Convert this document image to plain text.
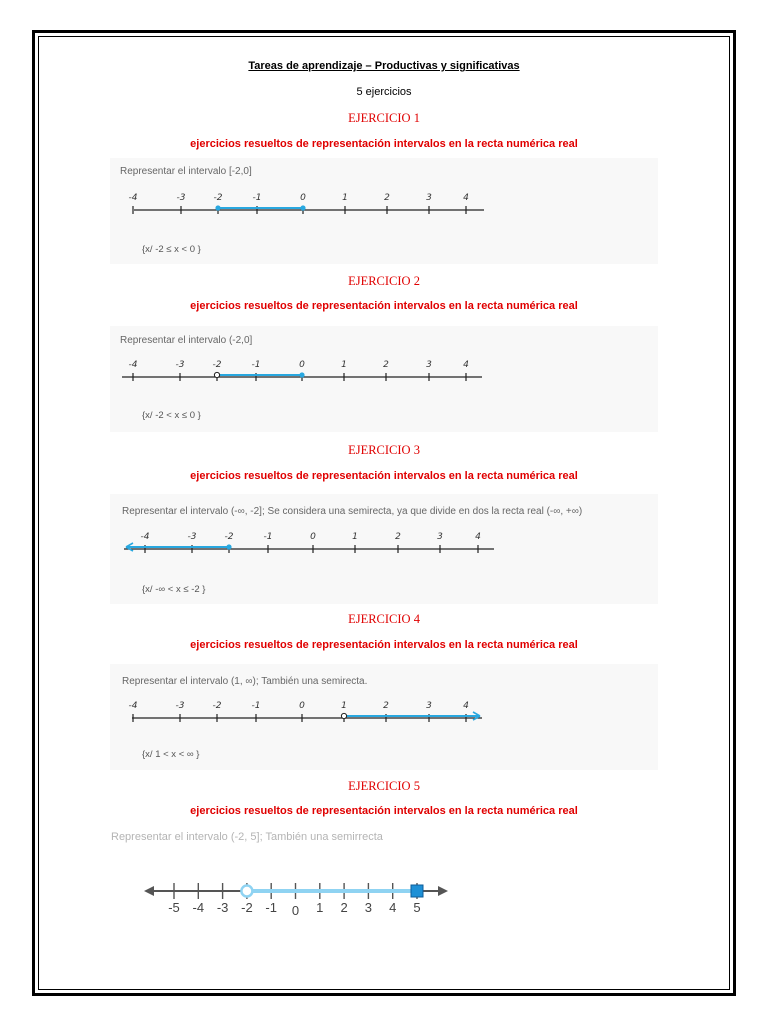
Tareas de aprendizaje – Productivas y significativas
5 ejercicios
EJERCICIO 1
ejercicios resueltos de representación intervalos en la recta numérica real
Representar el intervalo [-2,0]
-4	-3	-2	-1	0	1	2	3	4
{x/ -2 ≤ x < 0 }
EJERCICIO 2
ejercicios resueltos de representación intervalos en la recta numérica real
Representar el intervalo (-2,0]
-4	-3	-2	-1	0	1	2	3	4
{x/ -2 < x ≤ 0 }
EJERCICIO 3
ejercicios resueltos de representación intervalos en la recta numérica real
Representar el intervalo (-∞, -2]; Se considera una semirecta, ya que divide en dos la recta real (-∞, +∞)
-4	-3	-2	-1	0	1	2	3	4
{x/ -∞ < x ≤ -2 }
EJERCICIO 4
ejercicios resueltos de representación intervalos en la recta numérica real
Representar el intervalo (1, ∞); También una semirecta.
-4	-3	-2	-1	0	1	2	3	4
{x/ 1 < x < ∞ }
EJERCICIO 5
ejercicios resueltos de representación intervalos en la recta numérica real
Representar el intervalo (-2, 5]; También una semirrecta
-5 -4 -3 -2 -1 0 1 2 3 4 5
